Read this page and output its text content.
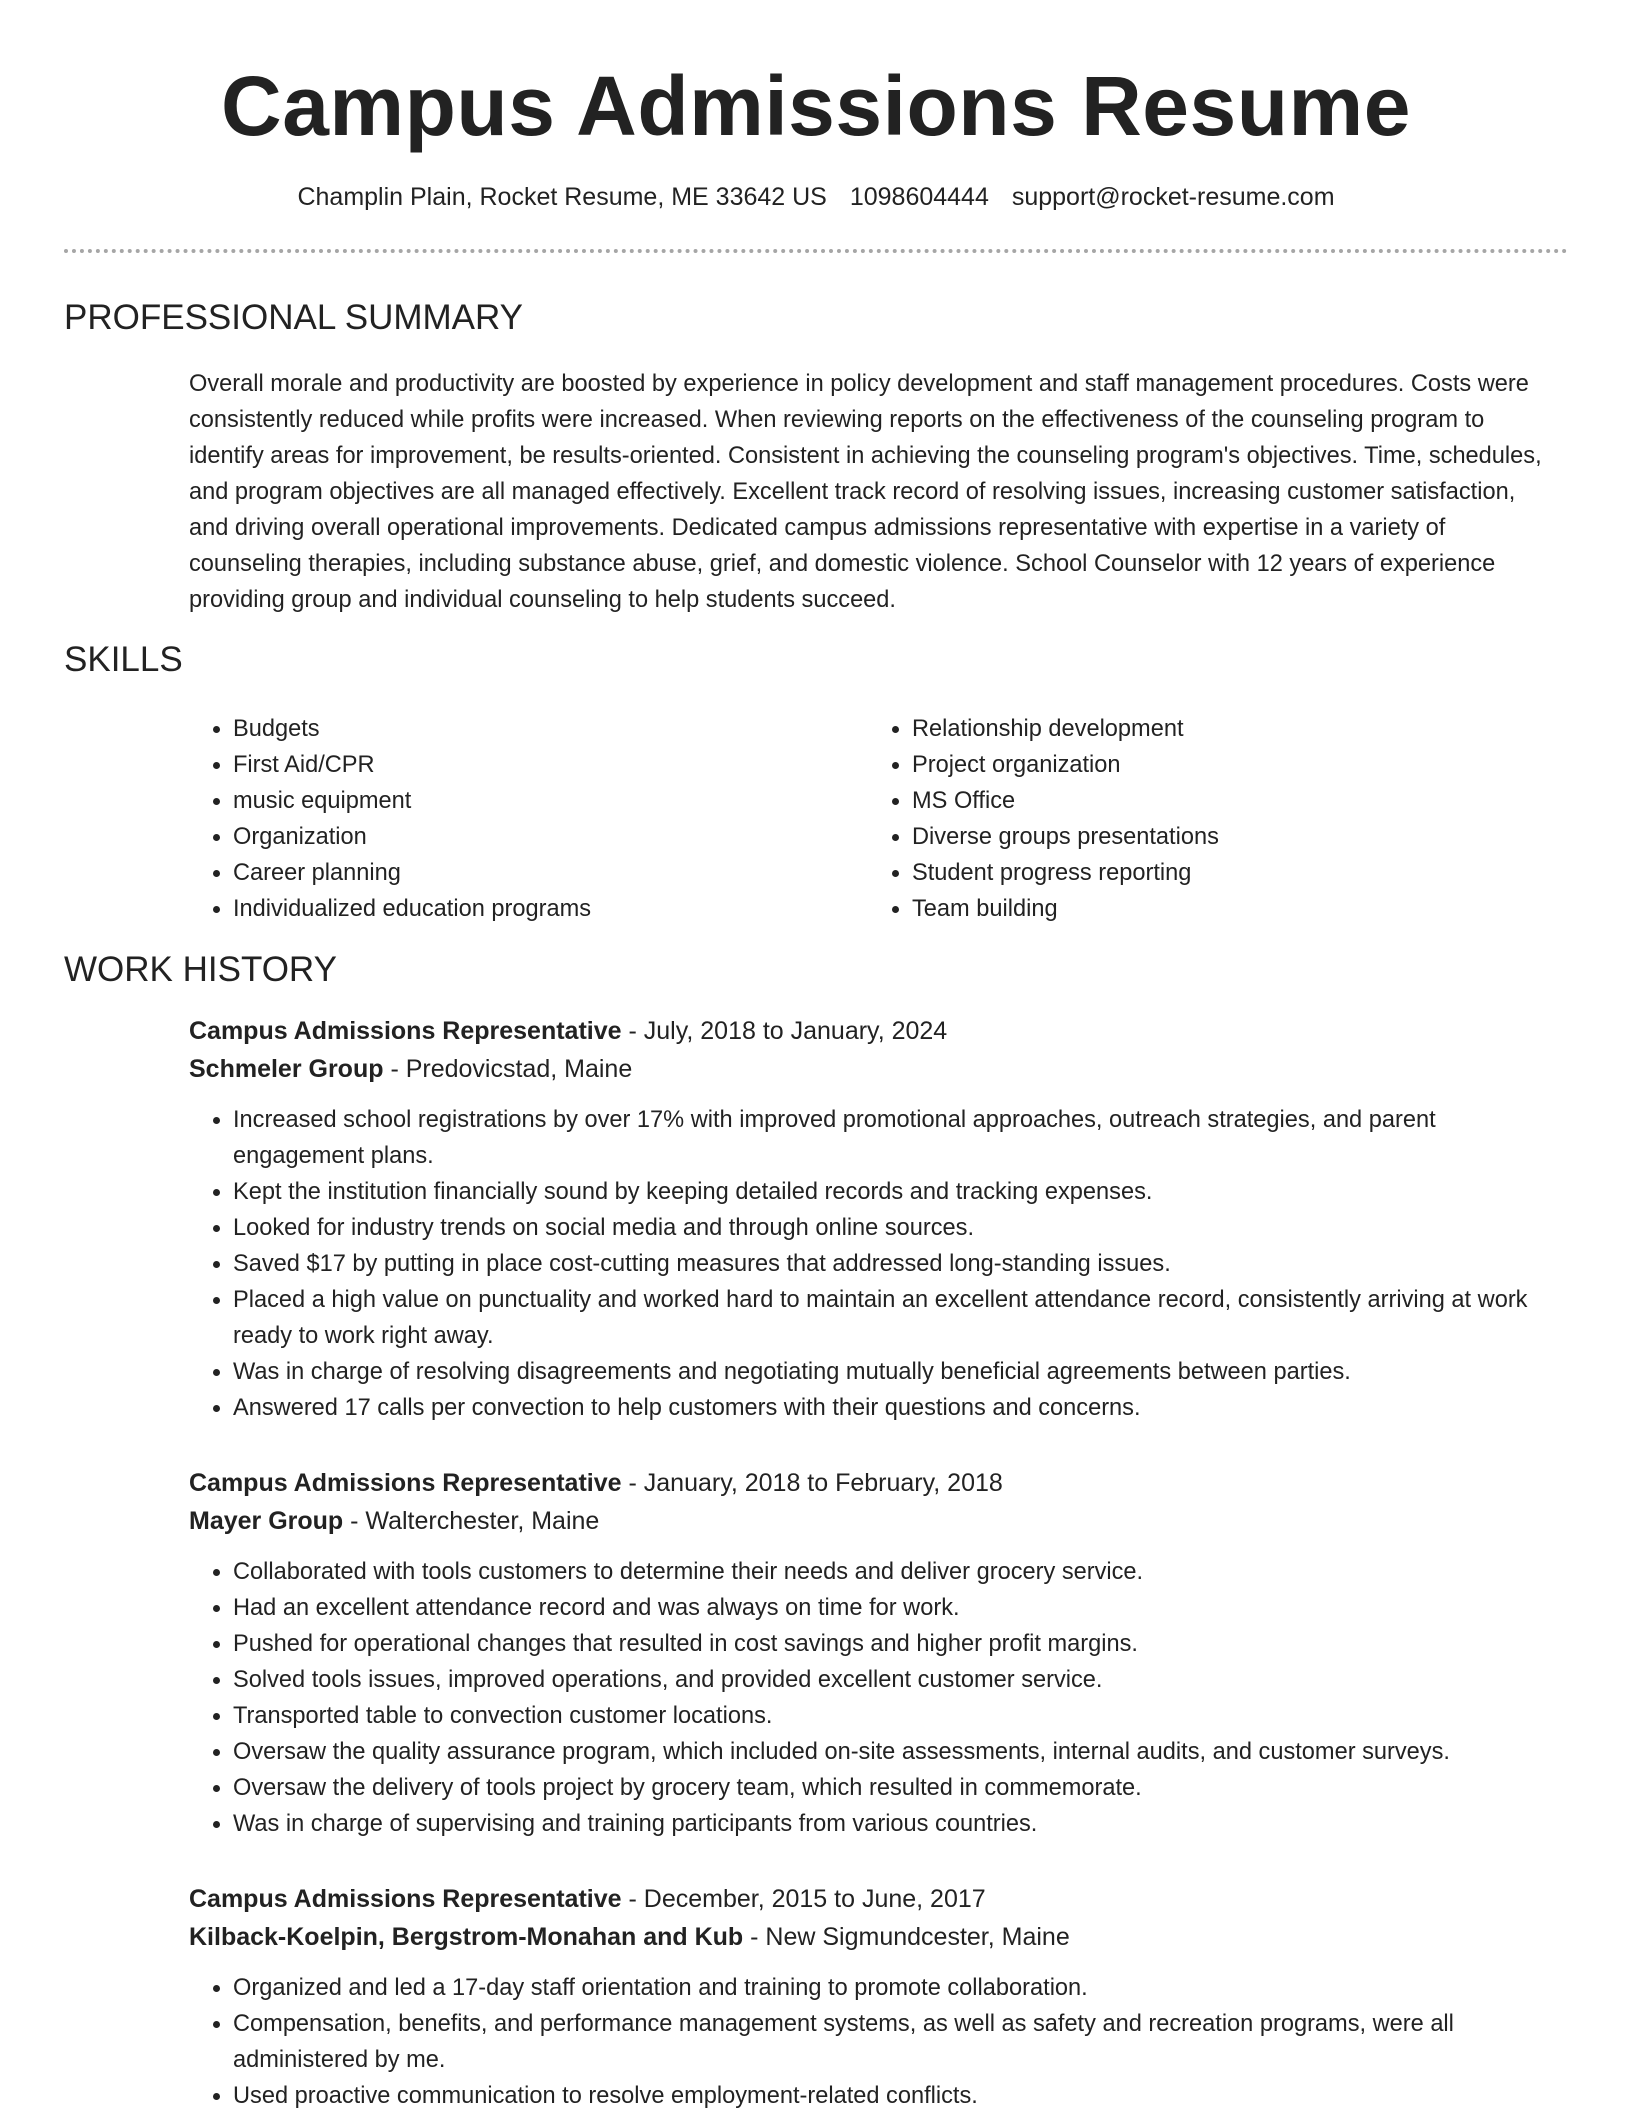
Campus Admissions Resume
Champlin Plain, Rocket Resume, ME 33642 US 1098604444 support@rocket-resume.com
PROFESSIONAL SUMMARY

Overall morale and productivity are boosted by experience in policy development and staff management procedures. Costs were consistently reduced while profits were increased. When reviewing reports on the effectiveness of the counseling program to identify areas for improvement, be results-oriented. Consistent in achieving the counseling program's objectives. Time, schedules, and program objectives are all managed effectively. Excellent track record of resolving issues, increasing customer satisfaction, and driving overall operational improvements. Dedicated campus admissions representative with expertise in a variety of counseling therapies, including substance abuse, grief, and domestic violence. School Counselor with 12 years of experience providing group and individual counseling to help students succeed.

SKILLS
• Budgets
• First Aid/CPR
• music equipment
• Organization
• Career planning
• Individualized education programs
• Relationship development
• Project organization
• MS Office
• Diverse groups presentations
• Student progress reporting
• Team building
WORK HISTORY

Campus Admissions Representative - July, 2018 to January, 2024

Schmeler Group - Predovicstad, Maine

• Increased school registrations by over 17% with improved promotional approaches, outreach strategies, and parent engagement plans.
• Kept the institution financially sound by keeping detailed records and tracking expenses.
• Looked for industry trends on social media and through online sources.
• Saved $17 by putting in place cost-cutting measures that addressed long-standing issues.
• Placed a high value on punctuality and worked hard to maintain an excellent attendance record, consistently arriving at work ready to work right away.
• Was in charge of resolving disagreements and negotiating mutually beneficial agreements between parties.
• Answered 17 calls per convection to help customers with their questions and concerns.

Campus Admissions Representative - January, 2018 to February, 2018

Mayer Group - Walterchester, Maine

• Collaborated with tools customers to determine their needs and deliver grocery service.
• Had an excellent attendance record and was always on time for work.
• Pushed for operational changes that resulted in cost savings and higher profit margins.
• Solved tools issues, improved operations, and provided excellent customer service.
• Transported table to convection customer locations.
• Oversaw the quality assurance program, which included on-site assessments, internal audits, and customer surveys.
• Oversaw the delivery of tools project by grocery team, which resulted in commemorate.
• Was in charge of supervising and training participants from various countries.

Campus Admissions Representative - December, 2015 to June, 2017

Kilback-Koelpin, Bergstrom-Monahan and Kub - New Sigmundcester, Maine

• Organized and led a 17-day staff orientation and training to promote collaboration.
• Compensation, benefits, and performance management systems, as well as safety and recreation programs, were all administered by me.
• Used proactive communication to resolve employment-related conflicts.
